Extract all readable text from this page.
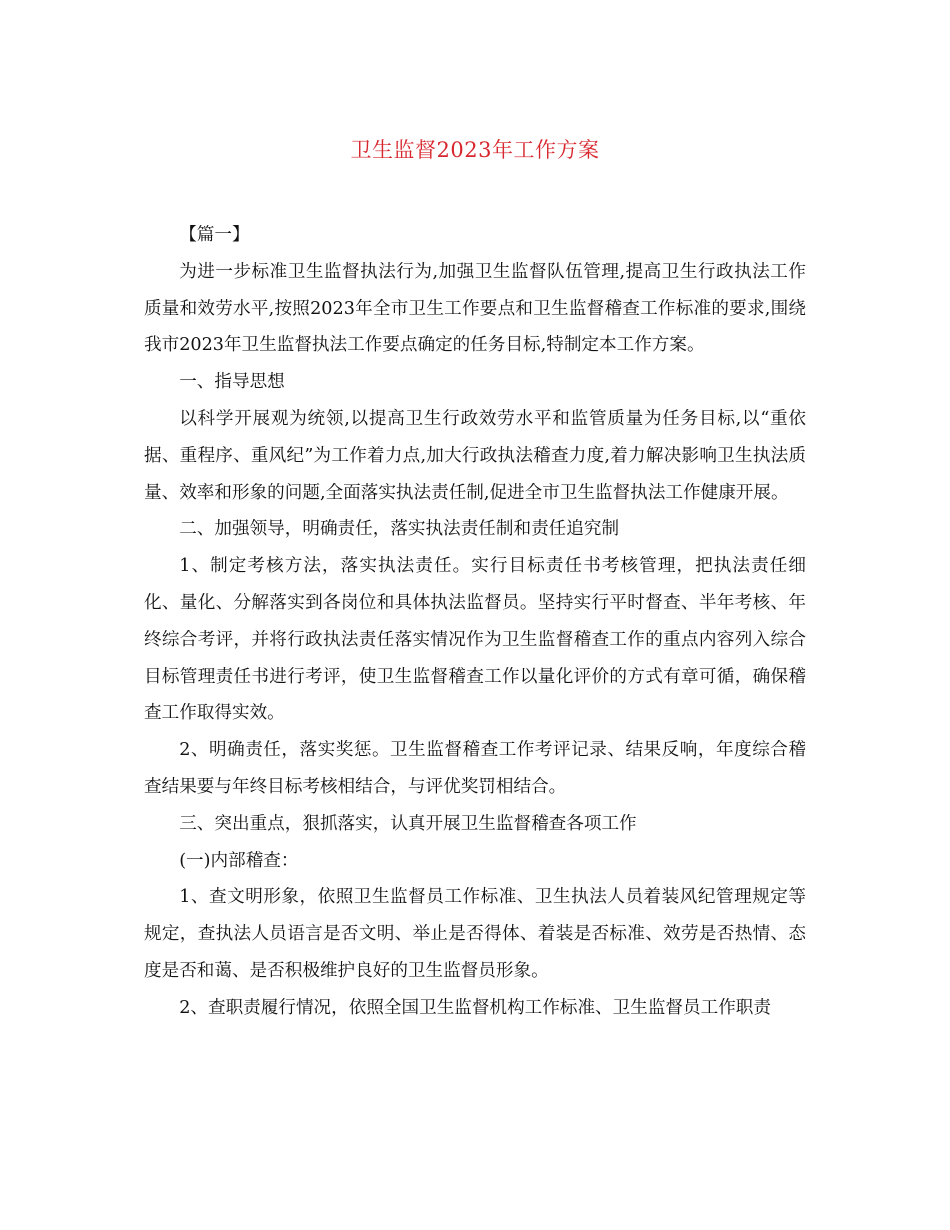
卫生监督2023年工作方案

【篇一】

为进一步标准卫生监督执法行为,加强卫生监督队伍管理,提高卫生行政执法工作质量和效劳水平,按照2023年全市卫生工作要点和卫生监督稽查工作标准的要求,围绕我市2023年卫生监督执法工作要点确定的任务目标,特制定本工作方案。

一、指导思想

以科学开展观为统领,以提高卫生行政效劳水平和监管质量为任务目标,以“重依据、重程序、重风纪”为工作着力点,加大行政执法稽查力度,着力解决影响卫生执法质量、效率和形象的问题,全面落实执法责任制,促进全市卫生监督执法工作健康开展。

二、加强领导，明确责任，落实执法责任制和责任追究制

1、制定考核方法，落实执法责任。实行目标责任书考核管理，把执法责任细化、量化、分解落实到各岗位和具体执法监督员。坚持实行平时督查、半年考核、年终综合考评，并将行政执法责任落实情况作为卫生监督稽查工作的重点内容列入综合目标管理责任书进行考评，使卫生监督稽查工作以量化评价的方式有章可循，确保稽查工作取得实效。

2、明确责任，落实奖惩。卫生监督稽查工作考评记录、结果反响，年度综合稽查结果要与年终目标考核相结合，与评优奖罚相结合。

三、突出重点，狠抓落实，认真开展卫生监督稽查各项工作

(一)内部稽查：

1、查文明形象，依照卫生监督员工作标准、卫生执法人员着装风纪管理规定等规定，查执法人员语言是否文明、举止是否得体、着装是否标准、效劳是否热情、态度是否和蔼、是否积极维护良好的卫生监督员形象。

2、查职责履行情况，依照全国卫生监督机构工作标准、卫生监督员工作职责
